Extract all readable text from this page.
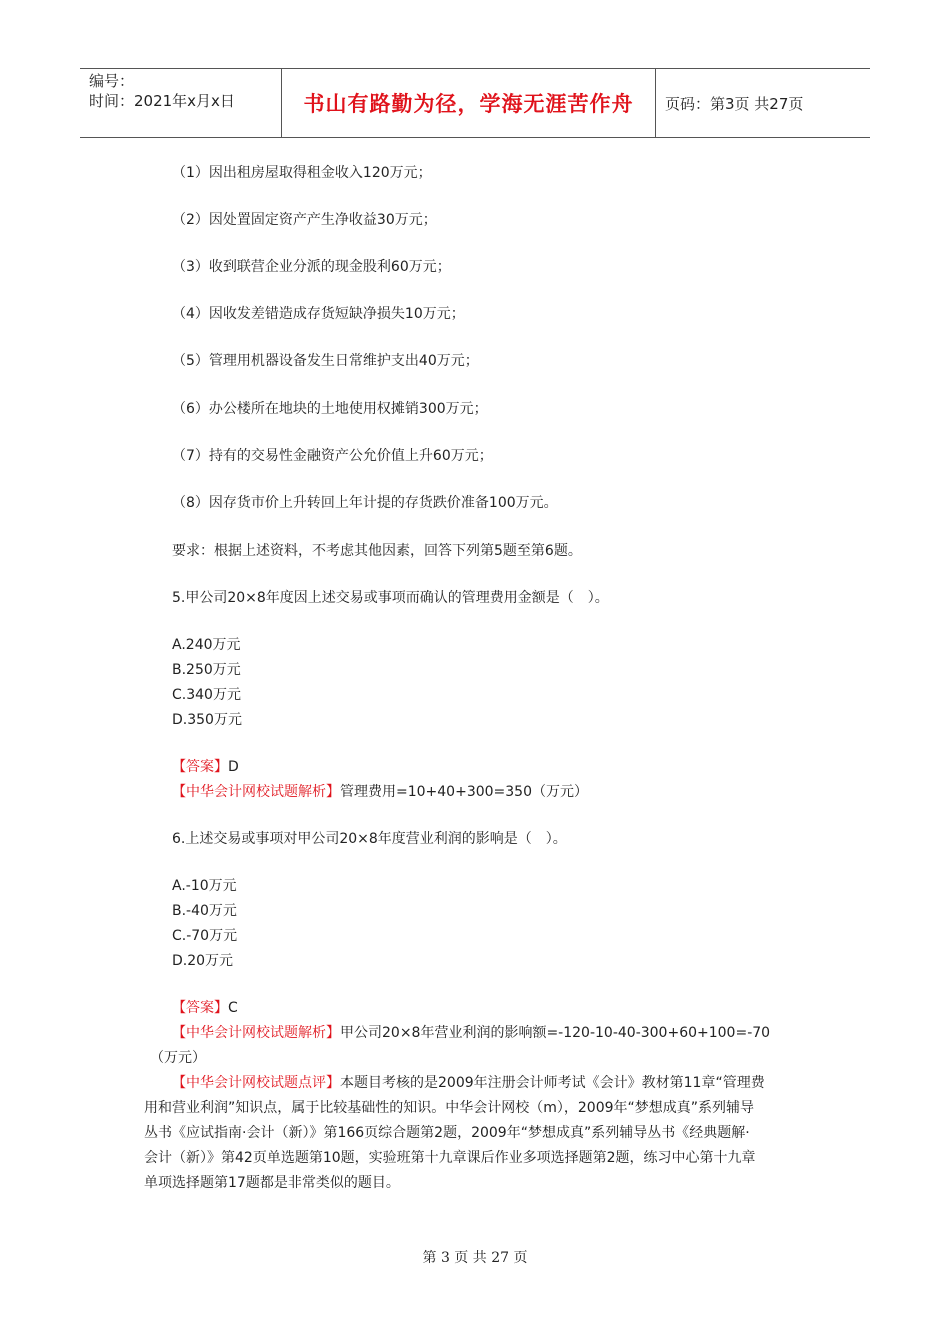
编号：
时间：2021年x月x日	书山有路勤为径，学海无涯苦作舟	页码：第3页 共27页
（1）因出租房屋取得租金收入120万元；
（2）因处置固定资产产生净收益30万元；
（3）收到联营企业分派的现金股利60万元；
（4）因收发差错造成存货短缺净损失10万元；
（5）管理用机器设备发生日常维护支出40万元；
（6）办公楼所在地块的土地使用权摊销300万元；
（7）持有的交易性金融资产公允价值上升60万元；
（8）因存货市价上升转回上年计提的存货跌价准备100万元。
要求：根据上述资料，不考虑其他因素，回答下列第5题至第6题。
5.甲公司20×8年度因上述交易或事项而确认的管理费用金额是（　）。
A.240万元
B.250万元
C.340万元
D.350万元
【答案】D
【中华会计网校试题解析】管理费用=10+40+300=350（万元）
6.上述交易或事项对甲公司20×8年度营业利润的影响是（　）。
A.-10万元
B.-40万元
C.-70万元
D.20万元
【答案】C
【中华会计网校试题解析】甲公司20×8年营业利润的影响额=-120-10-40-300+60+100=-70
（万元）
【中华会计网校试题点评】本题目考核的是2009年注册会计师考试《会计》教材第11章“管理费
用和营业利润”知识点，属于比较基础性的知识。中华会计网校（m），2009年“梦想成真”系列辅导
丛书《应试指南·会计（新）》第166页综合题第2题，2009年“梦想成真”系列辅导丛书《经典题解·
会计（新）》第42页单选题第10题，实验班第十九章课后作业多项选择题第2题，练习中心第十九章
单项选择题第17题都是非常类似的题目。
第 3 页 共 27 页
